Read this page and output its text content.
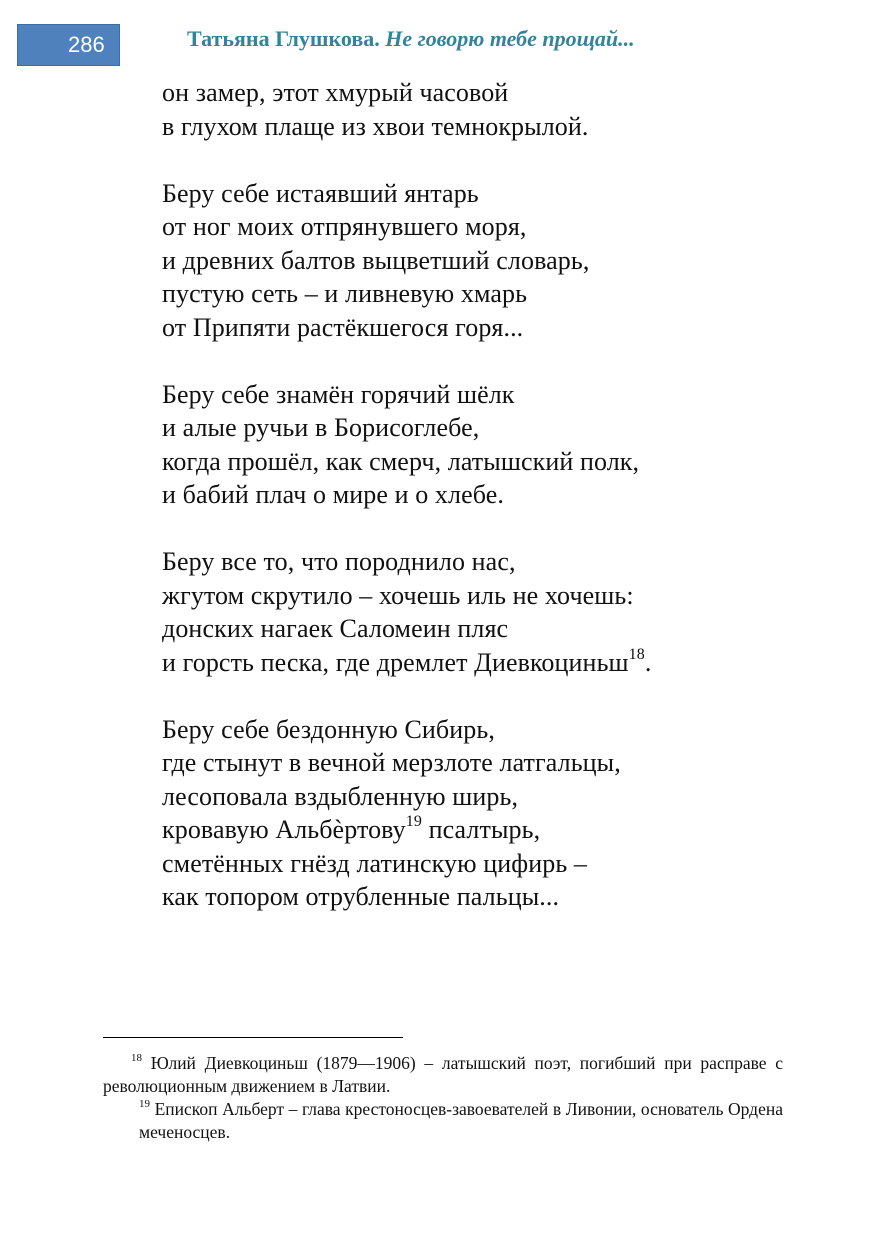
286	Татьяна Глушкова. Не говорю тебе прощай...
он замер, этот хмурый часовой
в глухом плаще из хвои темнокрылой.
Беру себе истаявший янтарь
от ног моих отпрянувшего моря,
и древних балтов выцветший словарь,
пустую сеть – и ливневую хмарь
от Припяти растёкшегося горя...
Беру себе знамён горячий шёлк
и алые ручьи в Борисоглебе,
когда прошёл, как смерч, латышский полк,
и бабий плач о мире и о хлебе.
Беру все то, что породнило нас,
жгутом скрутило – хочешь иль не хочешь:
донских нагаек Саломеин пляс
и горсть песка, где дремлет Диевкоциньш$^{18}$.
Беру себе бездонную Сибирь,
где стынут в вечной мерзлоте латгальцы,
лесоповала вздыбленную ширь,
кровавую Альбѐртову$^{19}$ псалтырь,
сметённых гнёзд латинскую цифирь –
как топором отрубленные пальцы...
$^{18}$ Юлий Диевкоциньш (1879—1906) – латышский поэт, погибший при расправе с революционным движением в Латвии.
$^{19}$ Епископ Альберт – глава крестоносцев-завоевателей в Ливонии, основатель Ордена меченосцев.
